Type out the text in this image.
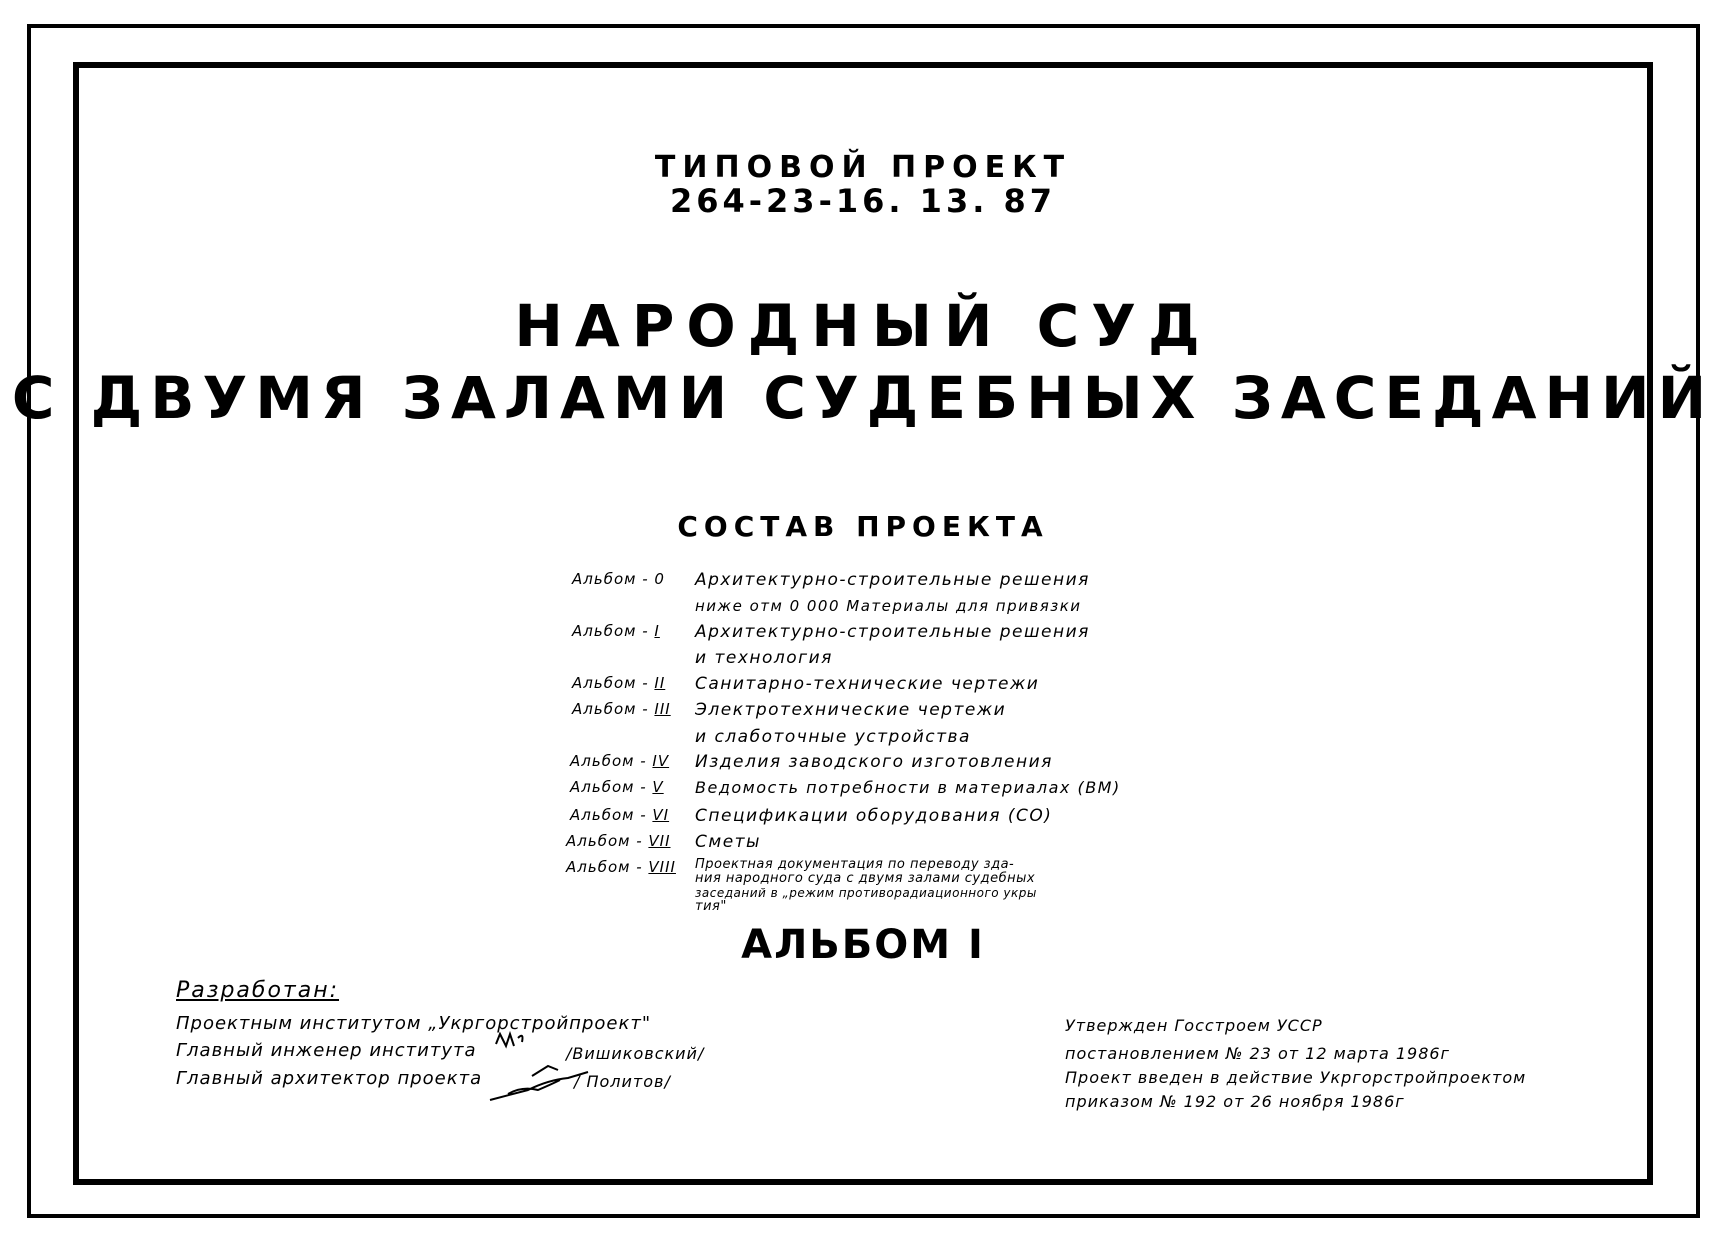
ТИПОВОЙ ПРОЕКТ
264-23-16. 13. 87
НАРОДНЫЙ СУД
С ДВУМЯ ЗАЛАМИ СУДЕБНЫХ ЗАСЕДАНИЙ
СОСТАВ ПРОЕКТА
Альбом - 0 Архитектурно-строительные решения
ниже отм 0 000 Материалы для привязки
Альбом - I Архитектурно-строительные решения
и технология
Альбом - II Санитарно-технические чертежи
Альбом - III Электротехнические чертежи
и слаботочные устройства
Альбом - IV Изделия заводского изготовления
Альбом - V Ведомость потребности в материалах (ВМ)
Альбом - VI Спецификации оборудования (СО)
Альбом - VII Сметы
Альбом - VIII Проектная документация по переводу зда-
ния народного суда с двумя залами судебных
заседаний в „режим противорадиационного укры
тия"
АЛЬБОМ I
Разработан:
Проектным институтом „Укргорстройпроект"
Главный инженер института	/Вишиковский/
Главный архитектор проекта	/ Политов/
Утвержден Госстроем УССР
постановлением № 23 от 12 марта 1986г
Проект введен в действие Укргорстройпроектом
приказом № 192 от 26 ноября 1986г
